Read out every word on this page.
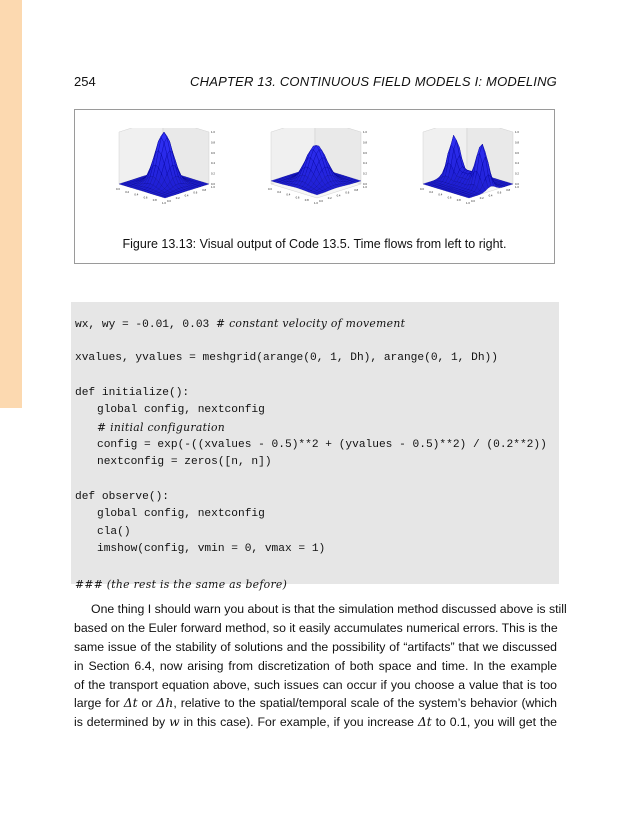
254	CHAPTER 13. CONTINUOUS FIELD MODELS I: MODELING
0.0
0.2
0.4
0.6
0.8
1.0 0.0
0.2
0.4
0.6
0.8
1.0
0.0
0.2
0.4
0.6
0.8
1.0
0.0
0.2
0.4
0.6
0.8
1.0 0.0
0.2
0.4
0.6
0.8
1.0
0.0
0.2
0.4
0.6
0.8
1.0
0.0
0.2
0.4
0.6
0.8
1.0 0.0
0.2
0.4
0.6
0.8
1.0
0.0
0.2
0.4
0.6
0.8
1.0
Figure 13.13: Visual output of Code 13.5. Time flows from left to right.
wx, wy = -0.01, 0.03 # constant velocity of movement
xvalues, yvalues = meshgrid(arange(0, 1, Dh), arange(0, 1, Dh))
def initialize():
global config, nextconfig
# initial configuration
config = exp(-((xvalues - 0.5)**2 + (yvalues - 0.5)**2) / (0.2**2))
nextconfig = zeros([n, n])
def observe():
global config, nextconfig
cla()
imshow(config, vmin = 0, vmax = 1)
### (the rest is the same as before)
One thing I should warn you about is that the simulation method discussed above is still
based on the Euler forward method, so it easily accumulates numerical errors. This is the
same issue of the stability of solutions and the possibility of “artifacts” that we discussed
in Section 6.4, now arising from discretization of both space and time. In the example
of the transport equation above, such issues can occur if you choose a value that is too
large for Δt or Δh, relative to the spatial/temporal scale of the system’s behavior (which
is determined by w in this case). For example, if you increase Δt to 0.1, you will get the
